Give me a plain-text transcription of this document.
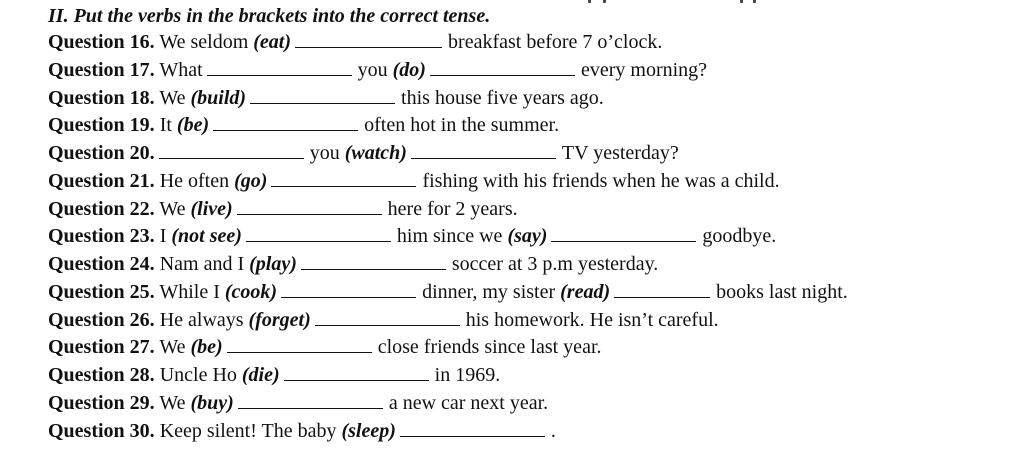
II. Put the verbs in the brackets into the correct tense.
Question 16. We seldom (eat)	breakfast before 7 o’clock.
Question 17. What	you (do)	every morning?
Question 18. We (build)	this house five years ago.
Question 19. It (be)	often hot in the summer.
Question 20.	you (watch)	TV yesterday?
Question 21. He often (go)	fishing with his friends when he was a child.
Question 22. We (live)	here for 2 years.
Question 23. I (not see)	him since we (say)	goodbye.
Question 24. Nam and I (play)	soccer at 3 p.m yesterday.
Question 25. While I (cook)	dinner, my sister (read)	books last night.
Question 26. He always (forget)	his homework. He isn’t careful.
Question 27. We (be)	close friends since last year.
Question 28. Uncle Ho (die)	in 1969.
Question 29. We (buy)	a new car next year.
Question 30. Keep silent! The baby (sleep)	.
